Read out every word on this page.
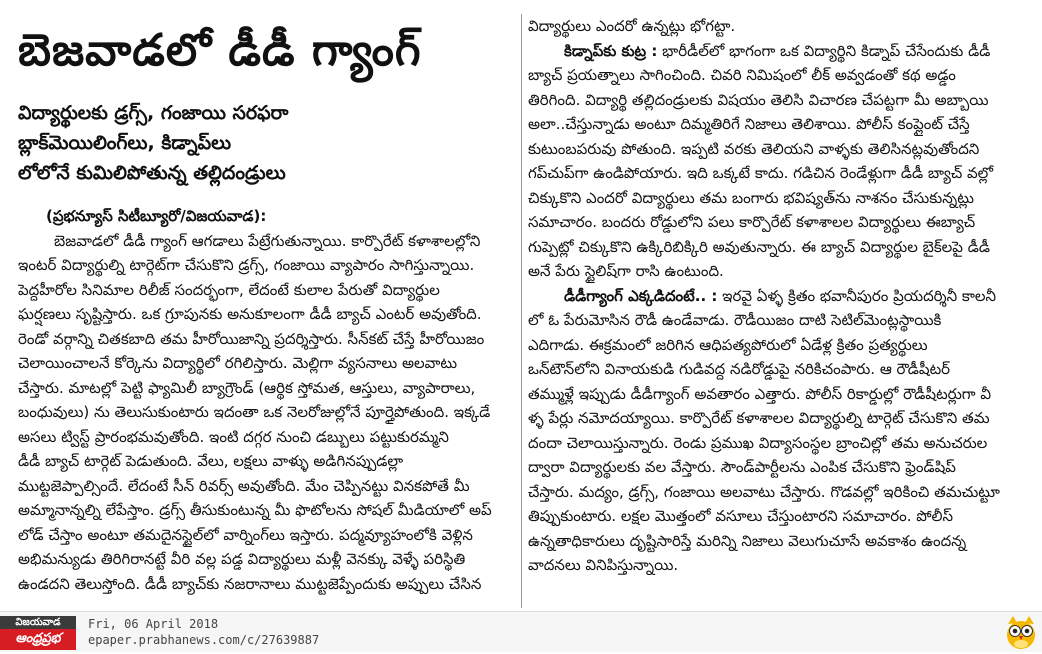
బెజవాడలో డీడీ గ్యాంగ్
విద్యార్థులకు డ్రగ్స్, గంజాయి సరఫరా
బ్లాక్‌మెయిలింగ్‌లు, కిడ్నాప్‌లు
లోలోనే కుమిలిపోతున్న తల్లిదండ్రులు
(ప్రభన్యూస్ సిటీబ్యూరో/విజయవాడ):
బెజవాడలో డీడీ గ్యాంగ్ ఆగడాలు పేట్రేగుతున్నాయి. కార్పొరేట్ కళాశాలల్లోని
ఇంటర్ విద్యార్థుల్ని టార్గెట్‌గా చేసుకొని డ్రగ్స్, గంజాయి వ్యాపారం సాగిస్తున్నాయి.
పెద్దహీరోల సినిమాల రిలీజ్ సందర్భంగా, లేదంటే కులాల పేరుతో విద్యార్థుల
ఘర్షణలు సృష్టిస్తారు. ఒక గ్రూపునకు అనుకూలంగా డీడీ బ్యాచ్ ఎంటర్ అవుతోంది.
రెండో వర్గాన్ని చితకబాది తమ హీరోయిజాన్ని ప్రదర్శిస్తారు. సీన్‌కట్ చేస్తే హీరోయిజం
చెలాయించాలనే కోర్కెను విద్యార్థిలో రగిలిస్తారు. మెల్లిగా వ్యసనాలు అలవాటు
చేస్తారు. మాటల్లో పెట్టి ఫ్యామిలీ బ్యాగ్రౌండ్ (ఆర్థిక స్తోమత, ఆస్తులు, వ్యాపారాలు,
బంధువులు) ను తెలుసుకుంటారు ఇదంతా ఒక నెలరోజుల్లోనే పూర్తైపోతుంది. ఇక్కడే
అసలు ట్విస్ట్ ప్రారంభమవుతోంది. ఇంటి దగ్గర నుంచి డబ్బులు పట్టుకురమ్మని
డీడీ బ్యాచ్ టార్గెట్ పెడుతుంది. వేలు, లక్షలు వాళ్ళు అడిగినప్పుడల్లా
ముట్టజెప్పాల్సిందే. లేదంటే సీన్ రివర్స్ అవుతోంది. మేం చెప్పినట్టు వినకపోతే మీ
అమ్మానాన్నల్ని లేపేస్తాం. డ్రగ్స్ తీసుకుంటున్న మీ ఫొటోలను సోషల్ మీడియాలో అప్
లోడ్ చేస్తాం అంటూ తమదైనస్టైల్‌లో వార్నింగ్‌లు ఇస్తారు. పద్మవ్యూహంలోకి వెళ్లిన
అభిమన్యుడు తిరిగిరానట్టే వీరి వల్ల పడ్డ విద్యార్థులు మళ్లీ వెనక్కు వెళ్ళే పరిస్థితి
ఉండదని తెలుస్తోంది. డీడీ బ్యాచ్‌కు నజరానాలు ముట్టజెప్పేందుకు అప్పులు చేసిన
విద్యార్థులు ఎందరో ఉన్నట్లు భోగట్టా.
కిడ్నాప్‌కు కుట్ర : భారీడీల్‌లో భాగంగా ఒక విద్యార్థిని కిడ్నాప్ చేసేందుకు డీడీ
బ్యాచ్ ప్రయత్నాలు సాగించింది. చివరి నిమిషంలో లీక్ అవ్వడంతో కథ అడ్డం
తిరిగింది. విద్యార్థి తల్లిదండ్రులకు విషయం తెలిసి విచారణ చేపట్టగా మీ అబ్బాయి
అలా..చేస్తున్నాడు అంటూ దిమ్మతిరిగే నిజాలు తెలిశాయి. పోలీస్ కంప్లైంట్ చేస్తే
కుటుంబపరువు పోతుంది. ఇప్పటి వరకు తెలియని వాళ్ళకు తెలిసినట్లవుతోందని
గప్‌చుప్‌గా ఉండిపోయారు. ఇది ఒక్కటే కాదు. గడిచిన రెండేళ్లుగా డీడీ బ్యాచ్ వల్లో
చిక్కుకొని ఎందరో విద్యార్థులు తమ బంగారు భవిష్యత్‌ను నాశనం చేసుకున్నట్లు
సమాచారం. బందరు రోడ్డులోని పలు కార్పొరేట్ కళాశాలల విద్యార్థులు ఈబ్యాచ్
గుప్పెట్లో చిక్కుకొని ఉక్కిరిబిక్కిరి అవుతున్నారు. ఈ బ్యాచ్ విద్యార్థుల బైక్‌లపై డీడీ
అనే పేరు స్టైలిష్‌గా రాసి ఉంటుంది.
డీడీగ్యాంగ్ ఎక్కడిదంటే.. : ఇరవై ఏళ్ళ క్రితం భవానీపురం ప్రియదర్శినీ కాలనీ
లో ఓ పేరుమోసిన రౌడీ ఉండేవాడు. రౌడీయిజం దాటి సెటిల్‌మెంట్లస్థాయికి
ఎదిగాడు. ఈక్రమంలో జరిగిన ఆధిపత్యపోరులో ఏడేళ్ల క్రితం ప్రత్యర్థులు
ఒన్‌టౌన్‌లోని వినాయకుడి గుడివద్ద నడిరోడ్డుపై నరికిచంపారు. ఆ రౌడీషీటర్
తమ్ముళ్లే ఇప్పుడు డీడీగ్యాంగ్ అవతారం ఎత్తారు. పోలీస్ రికార్డుల్లో రౌడీషీటర్లుగా వీ
ళ్ళ పేర్లు నమోదయ్యాయి. కార్పొరేట్ కళాశాలల విద్యార్థుల్ని టార్గెట్ చేసుకొని తమ
దందా చెలాయిస్తున్నారు. రెండు ప్రముఖ విద్యాసంస్థల బ్రాంచిల్లో తమ అనుచరుల
ద్వారా విద్యార్థులకు వల వేస్తారు. సౌండ్‌పార్టీలను ఎంపిక చేసుకొని ఫ్రెండ్‌షిప్
చేస్తారు. మద్యం, డ్రగ్స్, గంజాయి అలవాటు చేస్తారు. గొడవల్లో ఇరికించి తమచుట్టూ
తిప్పుకుంటారు. లక్షల మొత్తంలో వసూలు చేస్తుంటారని సమాచారం. పోలీస్
ఉన్నతాధికారులు దృష్టిసారిస్తే మరిన్ని నిజాలు వెలుగుచూసే అవకాశం ఉందన్న
వాదనలు వినిపిస్తున్నాయి.
విజయవాడ
ఆంధ్రప్రభ
Fri, 06 April 2018
epaper.prabhanews.com/c/27639887
